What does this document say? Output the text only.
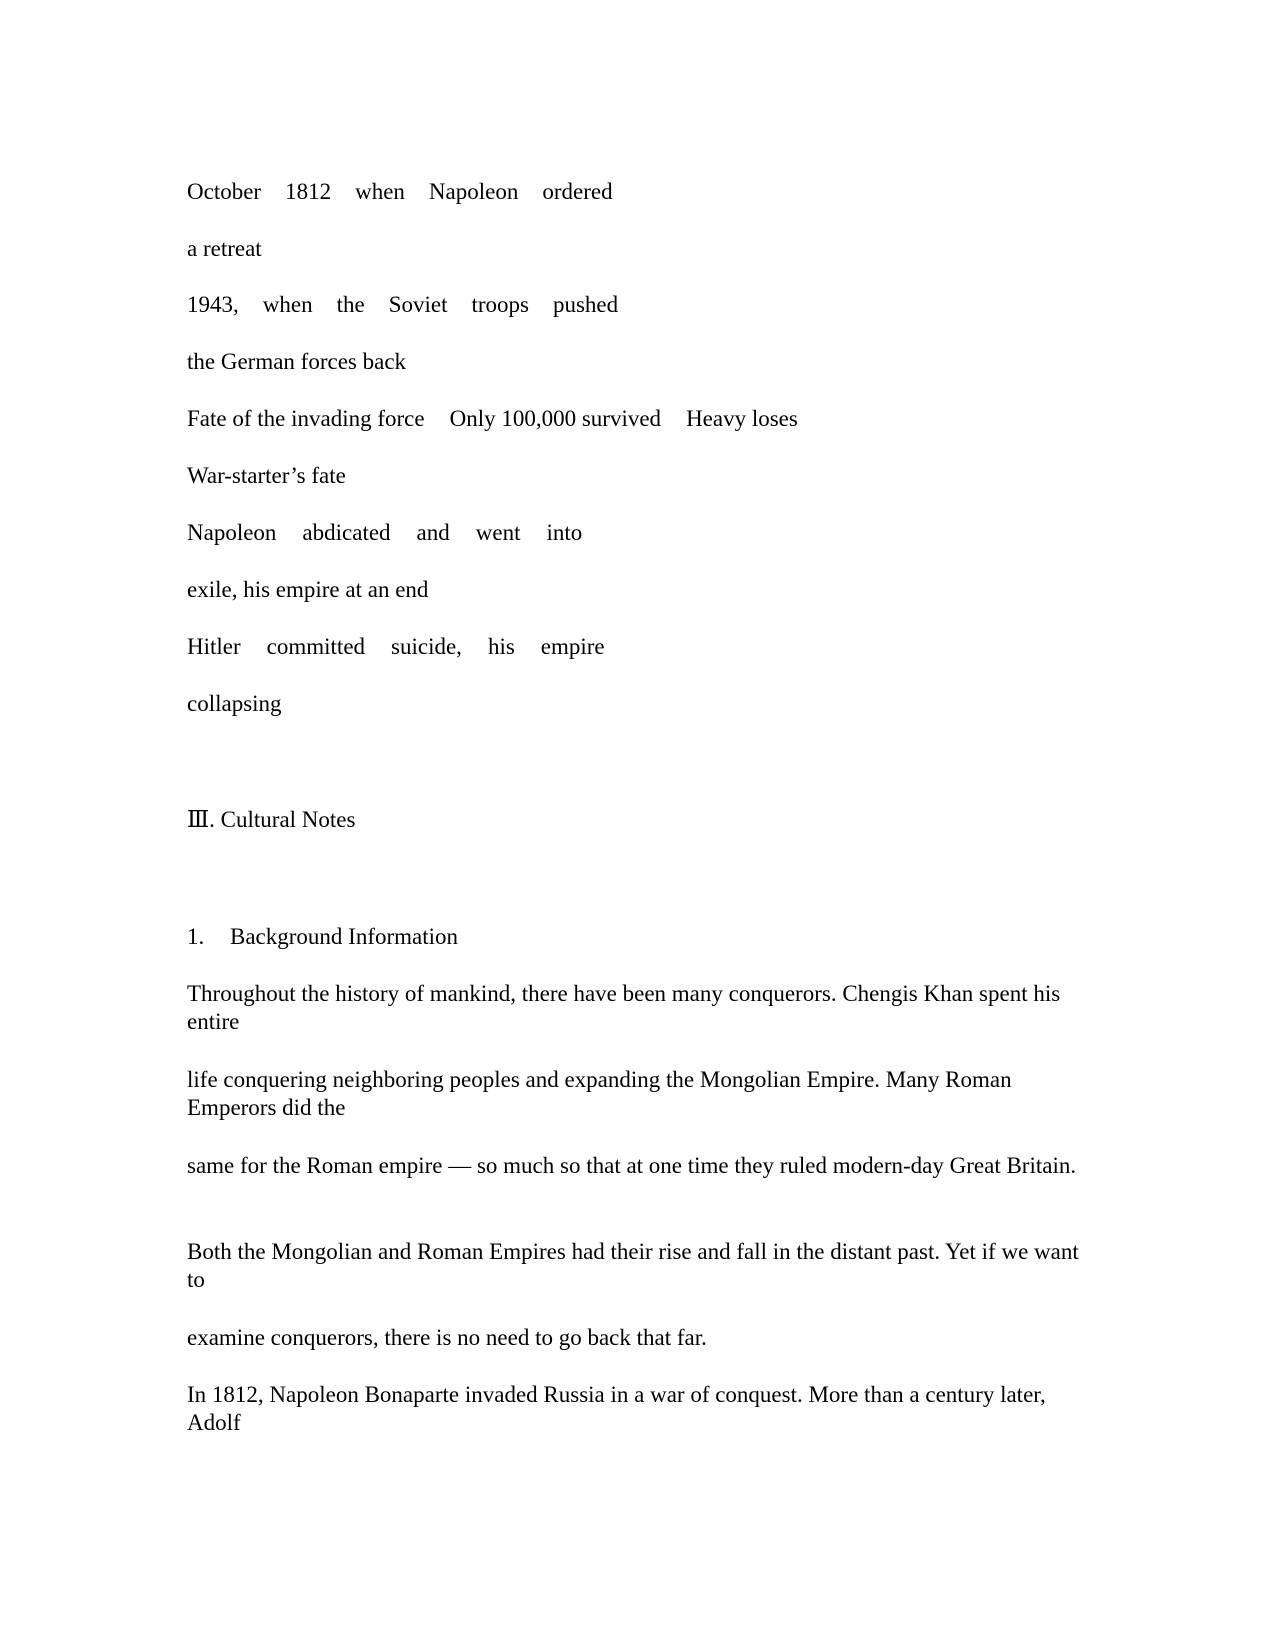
October 1812 when Napoleon ordered
a retreat
1943, when the Soviet troops pushed
the German forces back
Fate of the invading force Only 100,000 survived Heavy loses
War-starter’s fate
Napoleon abdicated and went into
exile, his empire at an end
Hitler committed suicide, his empire
collapsing
Ⅲ. Cultural Notes
1. Background Information
Throughout the history of mankind, there have been many conquerors. Chengis Khan spent his entire
life conquering neighboring peoples and expanding the Mongolian Empire. Many Roman Emperors did the
same for the Roman empire — so much so that at one time they ruled modern-day Great Britain.
Both the Mongolian and Roman Empires had their rise and fall in the distant past. Yet if we want to
examine conquerors, there is no need to go back that far.
In 1812, Napoleon Bonaparte invaded Russia in a war of conquest. More than a century later, Adolf
